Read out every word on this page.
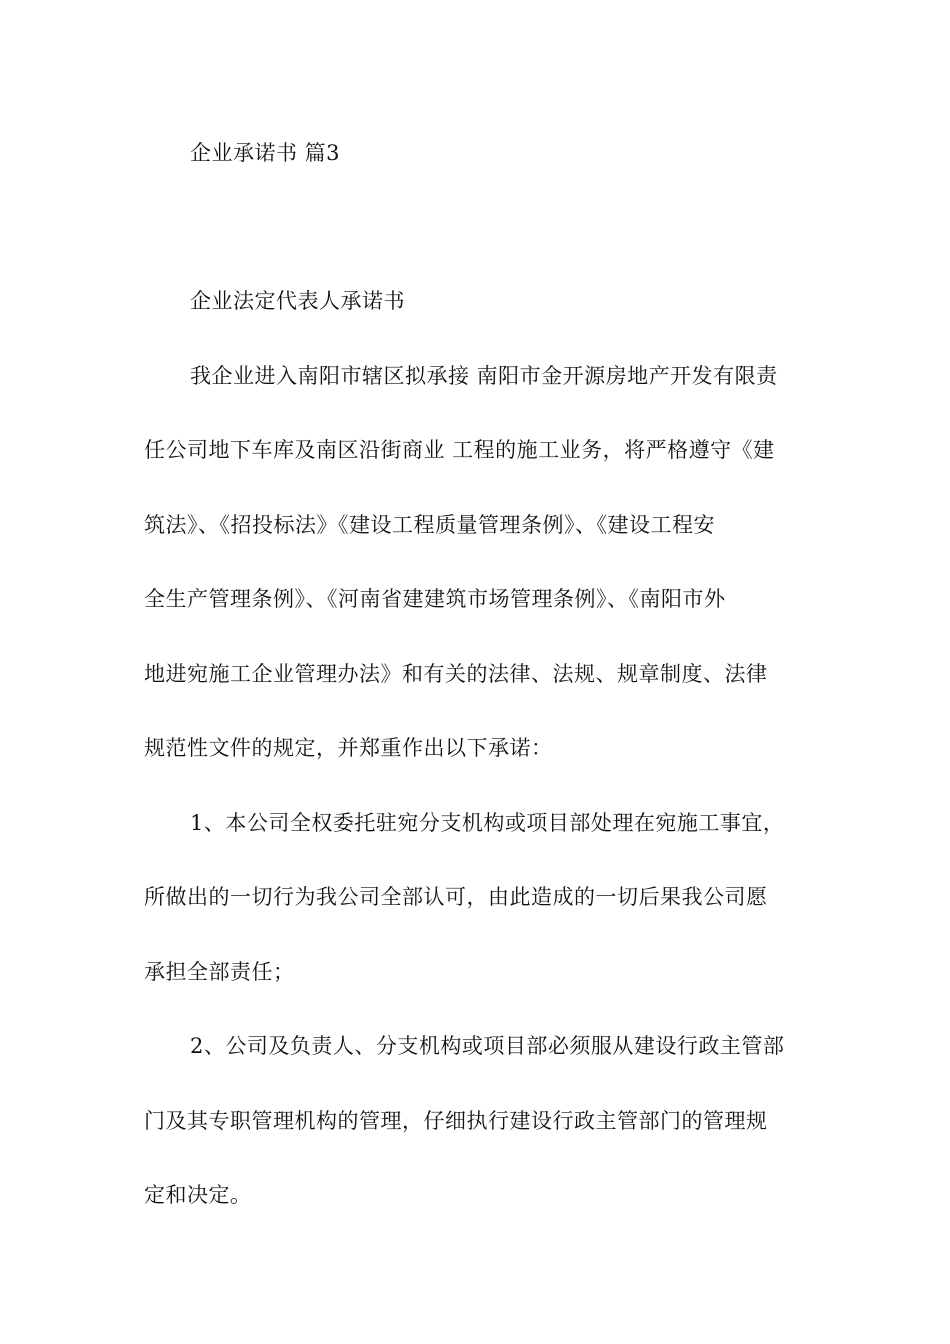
企业承诺书 篇3
企业法定代表人承诺书
我企业进入南阳市辖区拟承接 南阳市金开源房地产开发有限责
任公司地下车库及南区沿街商业 工程的施工业务，将严格遵守《建
筑法》、《招投标法》《建设工程质量管理条例》、《建设工程安
全生产管理条例》、《河南省建建筑市场管理条例》、《南阳市外
地进宛施工企业管理办法》和有关的法律、法规、规章制度、法律
规范性文件的规定，并郑重作出以下承诺：
1、本公司全权委托驻宛分支机构或项目部处理在宛施工事宜，
所做出的一切行为我公司全部认可，由此造成的一切后果我公司愿
承担全部责任；
2、公司及负责人、分支机构或项目部必须服从建设行政主管部
门及其专职管理机构的管理，仔细执行建设行政主管部门的管理规
定和决定。
